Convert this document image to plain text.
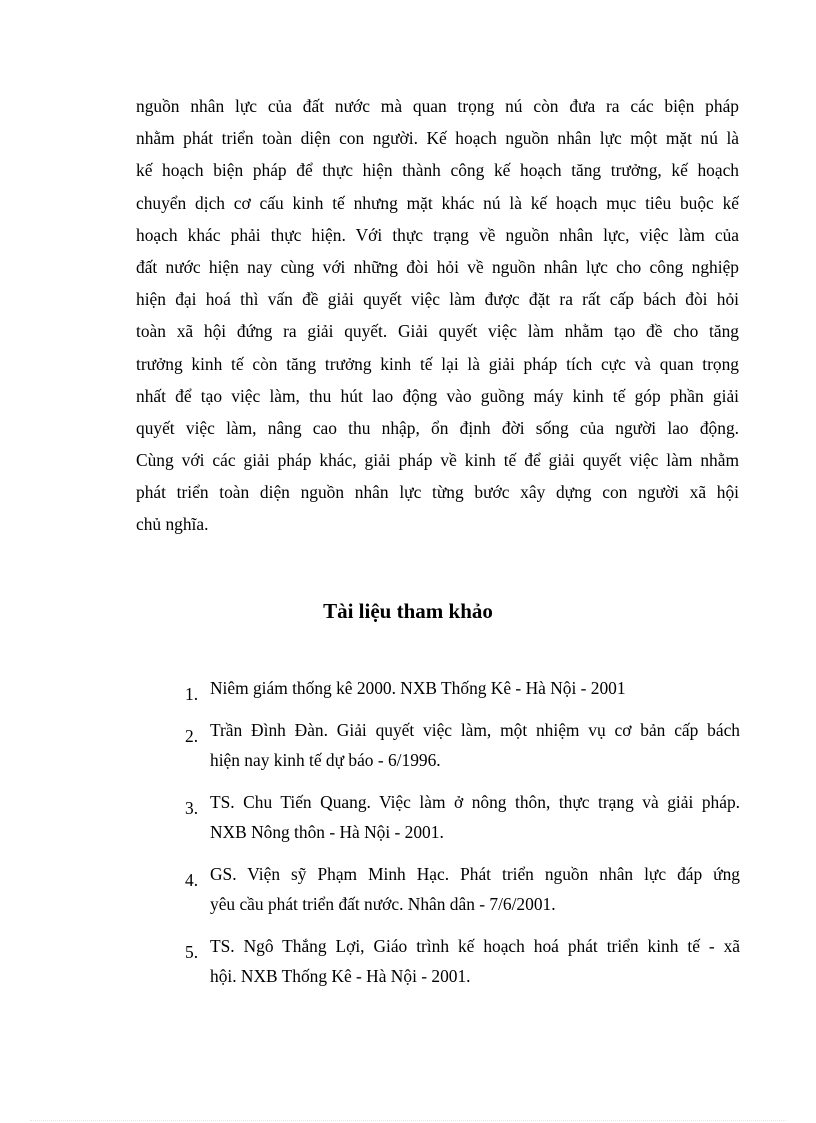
nguồn nhân lực của đất nước mà quan trọng nú còn đưa ra các biện pháp
nhằm phát triển toàn diện con người. Kế hoạch nguồn nhân lực một mặt nú là
kế hoạch biện pháp để thực hiện thành công kế hoạch tăng trưởng, kế hoạch
chuyển dịch cơ cấu kinh tế nhưng mặt khác nú là kế hoạch mục tiêu buộc kế
hoạch khác phải thực hiện. Với thực trạng về nguồn nhân lực, việc làm của
đất nước hiện nay cùng với những đòi hỏi về nguồn nhân lực cho công nghiệp
hiện đại hoá thì vấn đề giải quyết việc làm được đặt ra rất cấp bách đòi hỏi
toàn xã hội đứng ra giải quyết. Giải quyết việc làm nhằm tạo đề cho tăng
trưởng kinh tế còn tăng trưởng kinh tế lại là giải pháp tích cực và quan trọng
nhất để tạo việc làm, thu hút lao động vào guồng máy kinh tế góp phần giải
quyết việc làm, nâng cao thu nhập, ổn định đời sống của người lao động.
Cùng với các giải pháp khác, giải pháp về kinh tế để giải quyết việc làm nhằm
phát triển toàn diện nguồn nhân lực từng bước xây dựng con người xã hội
chủ nghĩa.
Tài liệu tham khảo
1. Niêm giám thống kê 2000. NXB Thống Kê - Hà Nội - 2001
2. Trần Đình Đàn. Giải quyết việc làm, một nhiệm vụ cơ bản cấp bách
hiện nay kinh tế dự báo - 6/1996.
3. TS. Chu Tiến Quang. Việc làm ở nông thôn, thực trạng và giải pháp.
NXB Nông thôn - Hà Nội - 2001.
4. GS. Viện sỹ Phạm Minh Hạc. Phát triển nguồn nhân lực đáp ứng
yêu cầu phát triển đất nước. Nhân dân - 7/6/2001.
5. TS. Ngô Thắng Lợi, Giáo trình kế hoạch hoá phát triển kinh tế - xã
hội. NXB Thống Kê - Hà Nội - 2001.
